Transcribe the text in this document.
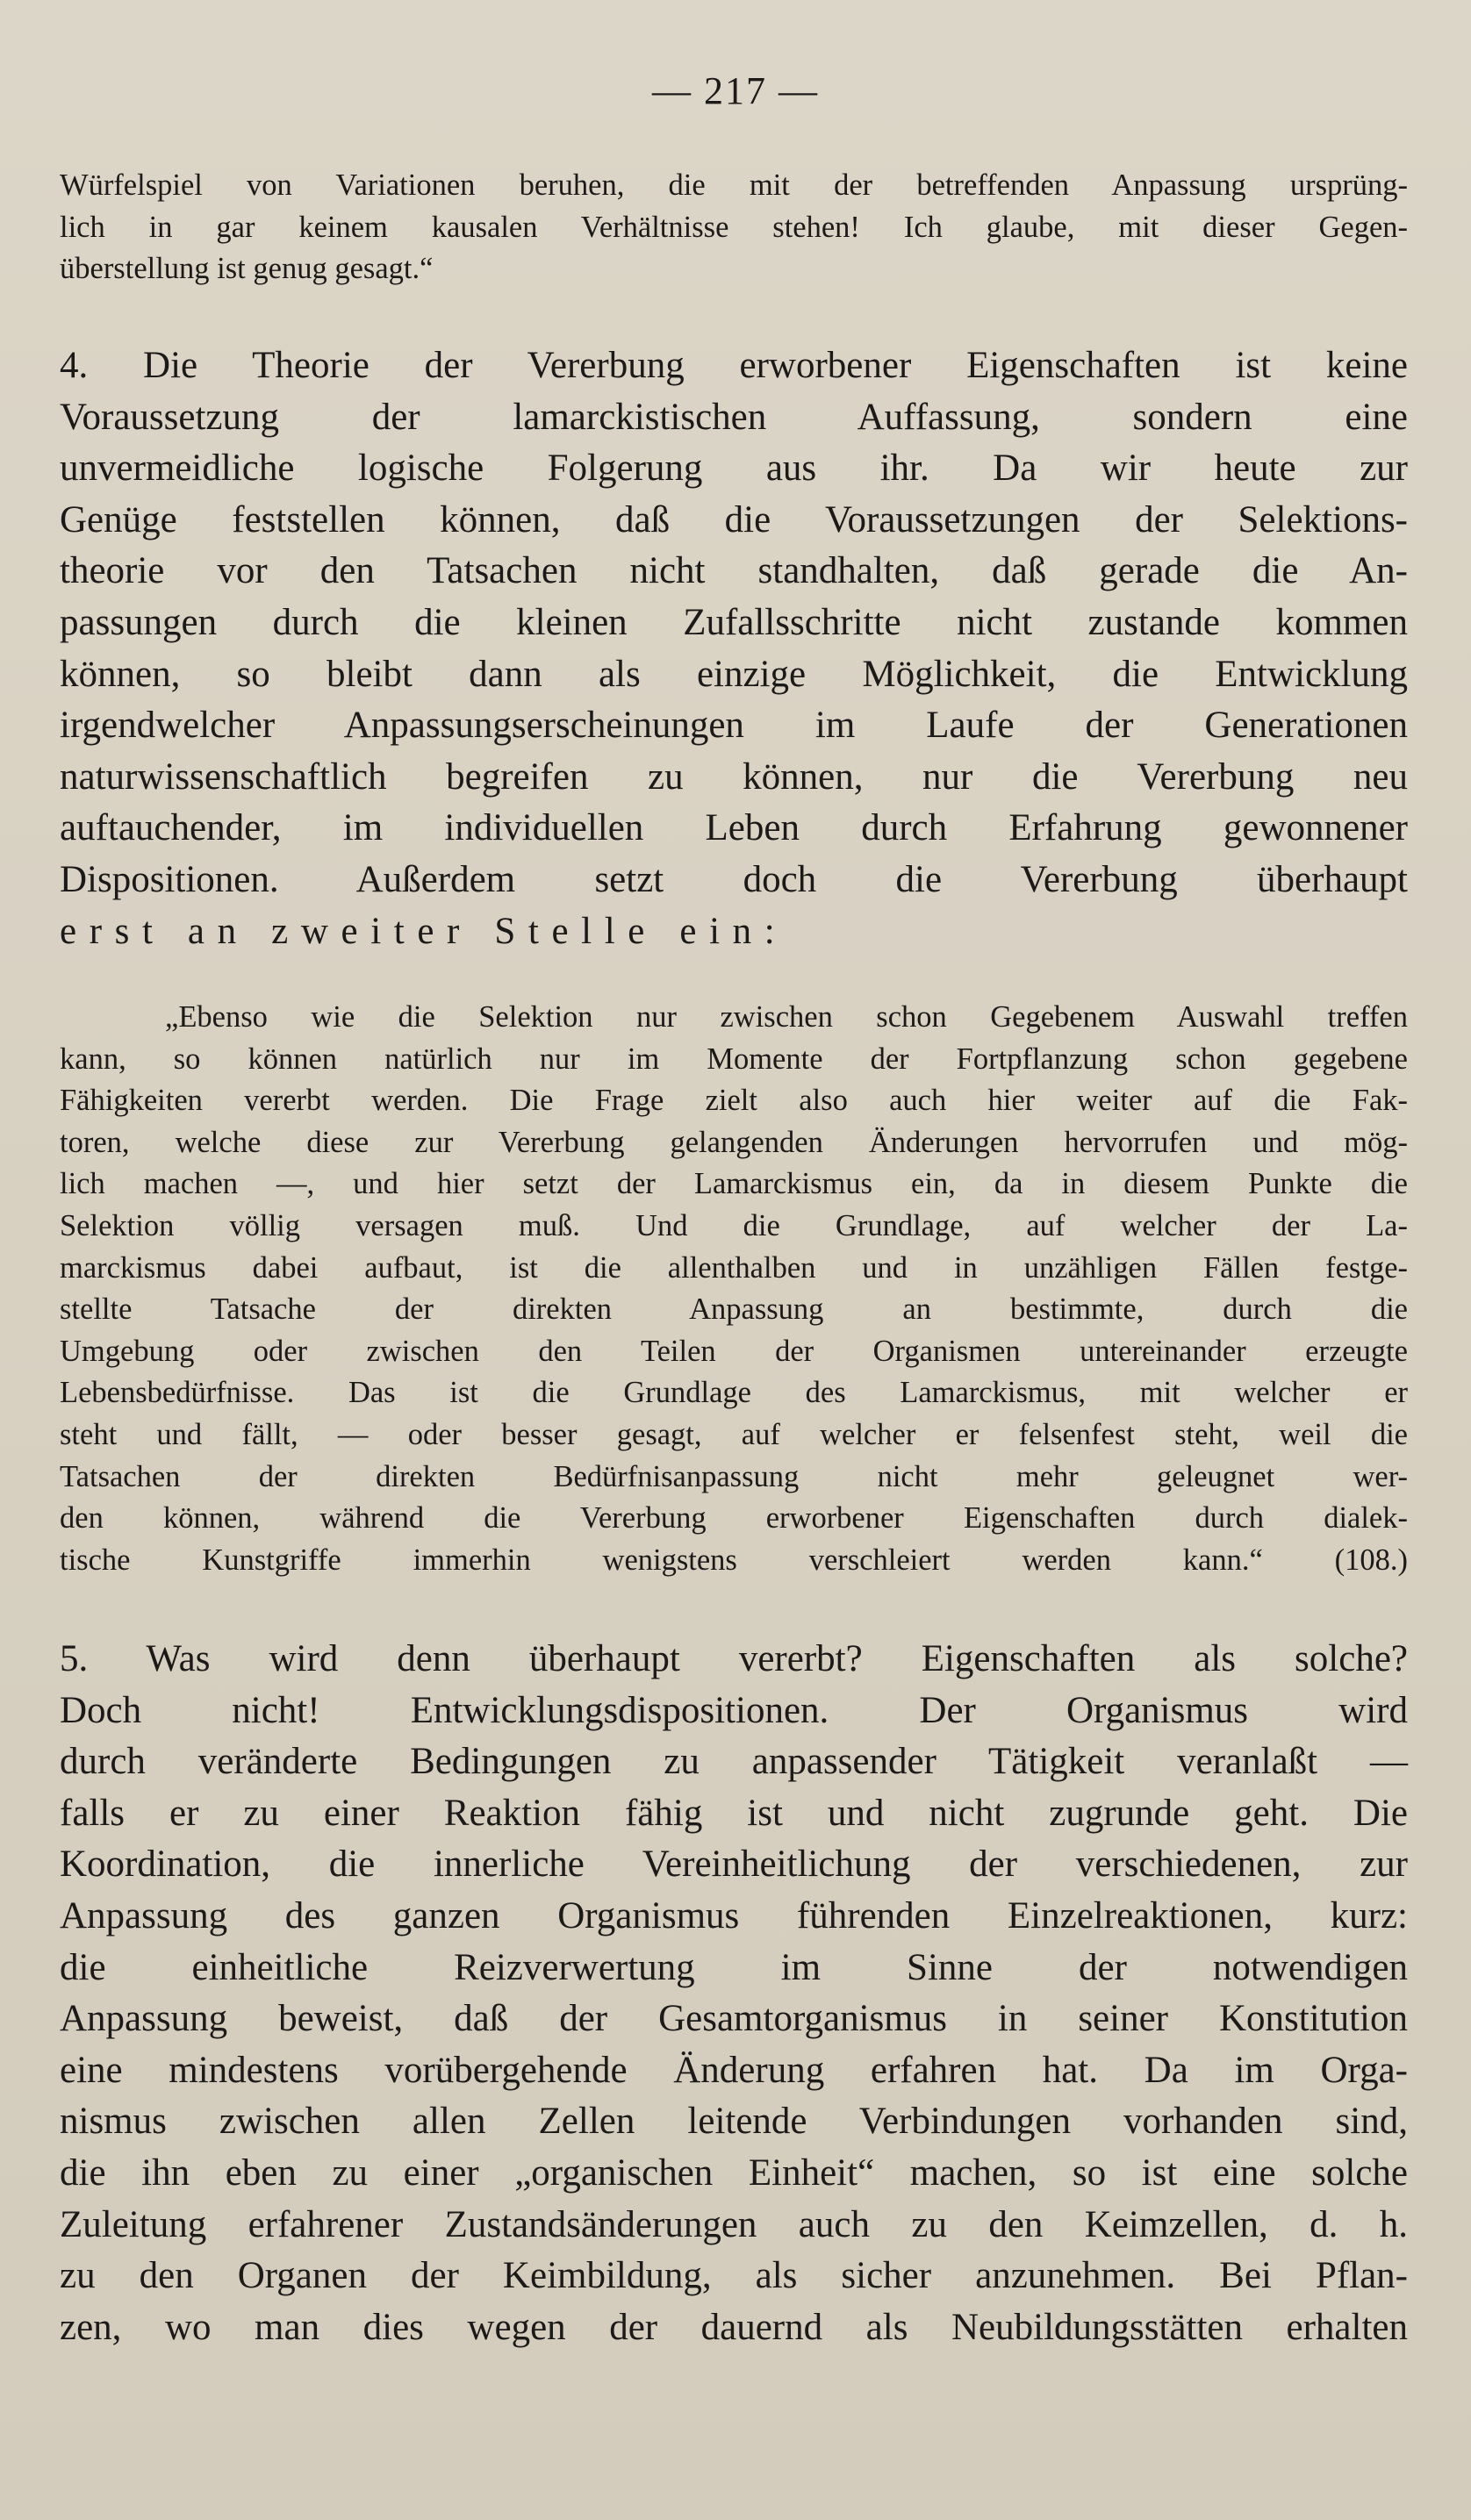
— 217 —
Würfelspiel von Variationen beruhen, die mit der betreffenden Anpassung ursprüng-
lich in gar keinem kausalen Verhältnisse stehen! Ich glaube, mit dieser Gegen-
überstellung ist genug gesagt.“
4. Die Theorie der Vererbung erworbener Eigenschaften ist keine
Voraussetzung der lamarckistischen Auffassung, sondern eine
unvermeidliche logische Folgerung aus ihr. Da wir heute zur
Genüge feststellen können, daß die Voraussetzungen der Selektions-
theorie vor den Tatsachen nicht standhalten, daß gerade die An-
passungen durch die kleinen Zufallsschritte nicht zustande kommen
können, so bleibt dann als einzige Möglichkeit, die Entwicklung
irgendwelcher Anpassungserscheinungen im Laufe der Generationen
naturwissenschaftlich begreifen zu können, nur die Vererbung neu
auftauchender, im individuellen Leben durch Erfahrung gewonnener
Dispositionen. Außerdem setzt doch die Vererbung überhaupt
erst an zweiter Stelle ein:
„Ebenso wie die Selektion nur zwischen schon Gegebenem Auswahl treffen
kann, so können natürlich nur im Momente der Fortpflanzung schon gegebene
Fähigkeiten vererbt werden. Die Frage zielt also auch hier weiter auf die Fak-
toren, welche diese zur Vererbung gelangenden Änderungen hervorrufen und mög-
lich machen —, und hier setzt der Lamarckismus ein, da in diesem Punkte die
Selektion völlig versagen muß. Und die Grundlage, auf welcher der La-
marckismus dabei aufbaut, ist die allenthalben und in unzähligen Fällen festge-
stellte Tatsache der direkten Anpassung an bestimmte, durch die
Umgebung oder zwischen den Teilen der Organismen untereinander erzeugte
Lebensbedürfnisse. Das ist die Grundlage des Lamarckismus, mit welcher er
steht und fällt, — oder besser gesagt, auf welcher er felsenfest steht, weil die
Tatsachen der direkten Bedürfnisanpassung nicht mehr geleugnet wer-
den können, während die Vererbung erworbener Eigenschaften durch dialek-
tische Kunstgriffe immerhin wenigstens verschleiert werden kann.“ (108.)
5. Was wird denn überhaupt vererbt? Eigenschaften als solche?
Doch nicht! Entwicklungsdispositionen. Der Organismus wird
durch veränderte Bedingungen zu anpassender Tätigkeit veranlaßt —
falls er zu einer Reaktion fähig ist und nicht zugrunde geht. Die
Koordination, die innerliche Vereinheitlichung der verschiedenen, zur
Anpassung des ganzen Organismus führenden Einzelreaktionen, kurz:
die einheitliche Reizverwertung im Sinne der notwendigen
Anpassung beweist, daß der Gesamtorganismus in seiner Konstitution
eine mindestens vorübergehende Änderung erfahren hat. Da im Orga-
nismus zwischen allen Zellen leitende Verbindungen vorhanden sind,
die ihn eben zu einer „organischen Einheit“ machen, so ist eine solche
Zuleitung erfahrener Zustandsänderungen auch zu den Keimzellen, d. h.
zu den Organen der Keimbildung, als sicher anzunehmen. Bei Pflan-
zen, wo man dies wegen der dauernd als Neubildungsstätten erhalten
